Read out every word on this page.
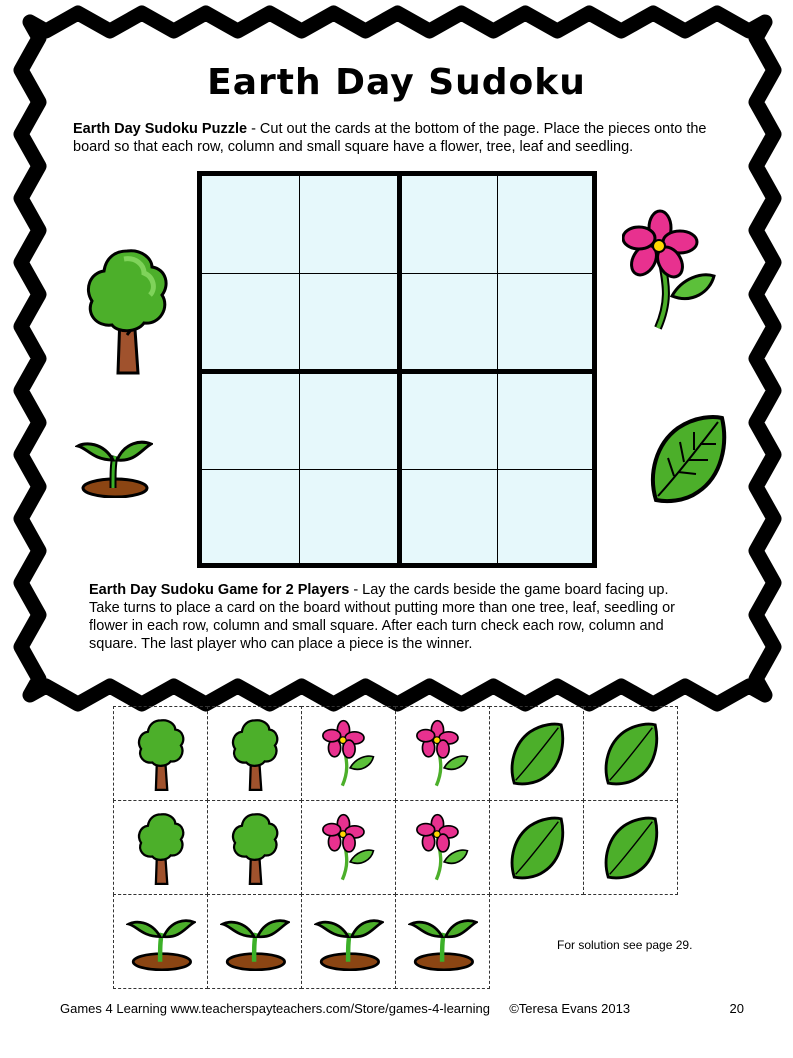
Earth Day Sudoku
Earth Day Sudoku Puzzle - Cut out the cards at the bottom of the page. Place the pieces onto the board so that each row, column and small square have a flower, tree, leaf and seedling.
Earth Day Sudoku Game for 2 Players - Lay the cards beside the game board facing up. Take turns to place a card on the board without putting more than one tree, leaf, seedling or flower in each row, column and small square. After each turn check each row, column and square. The last player who can place a piece is the winner.
For solution see page 29.
Games 4 Learning www.teacherspayteachers.com/Store/games-4-learning ©Teresa Evans 2013	20
